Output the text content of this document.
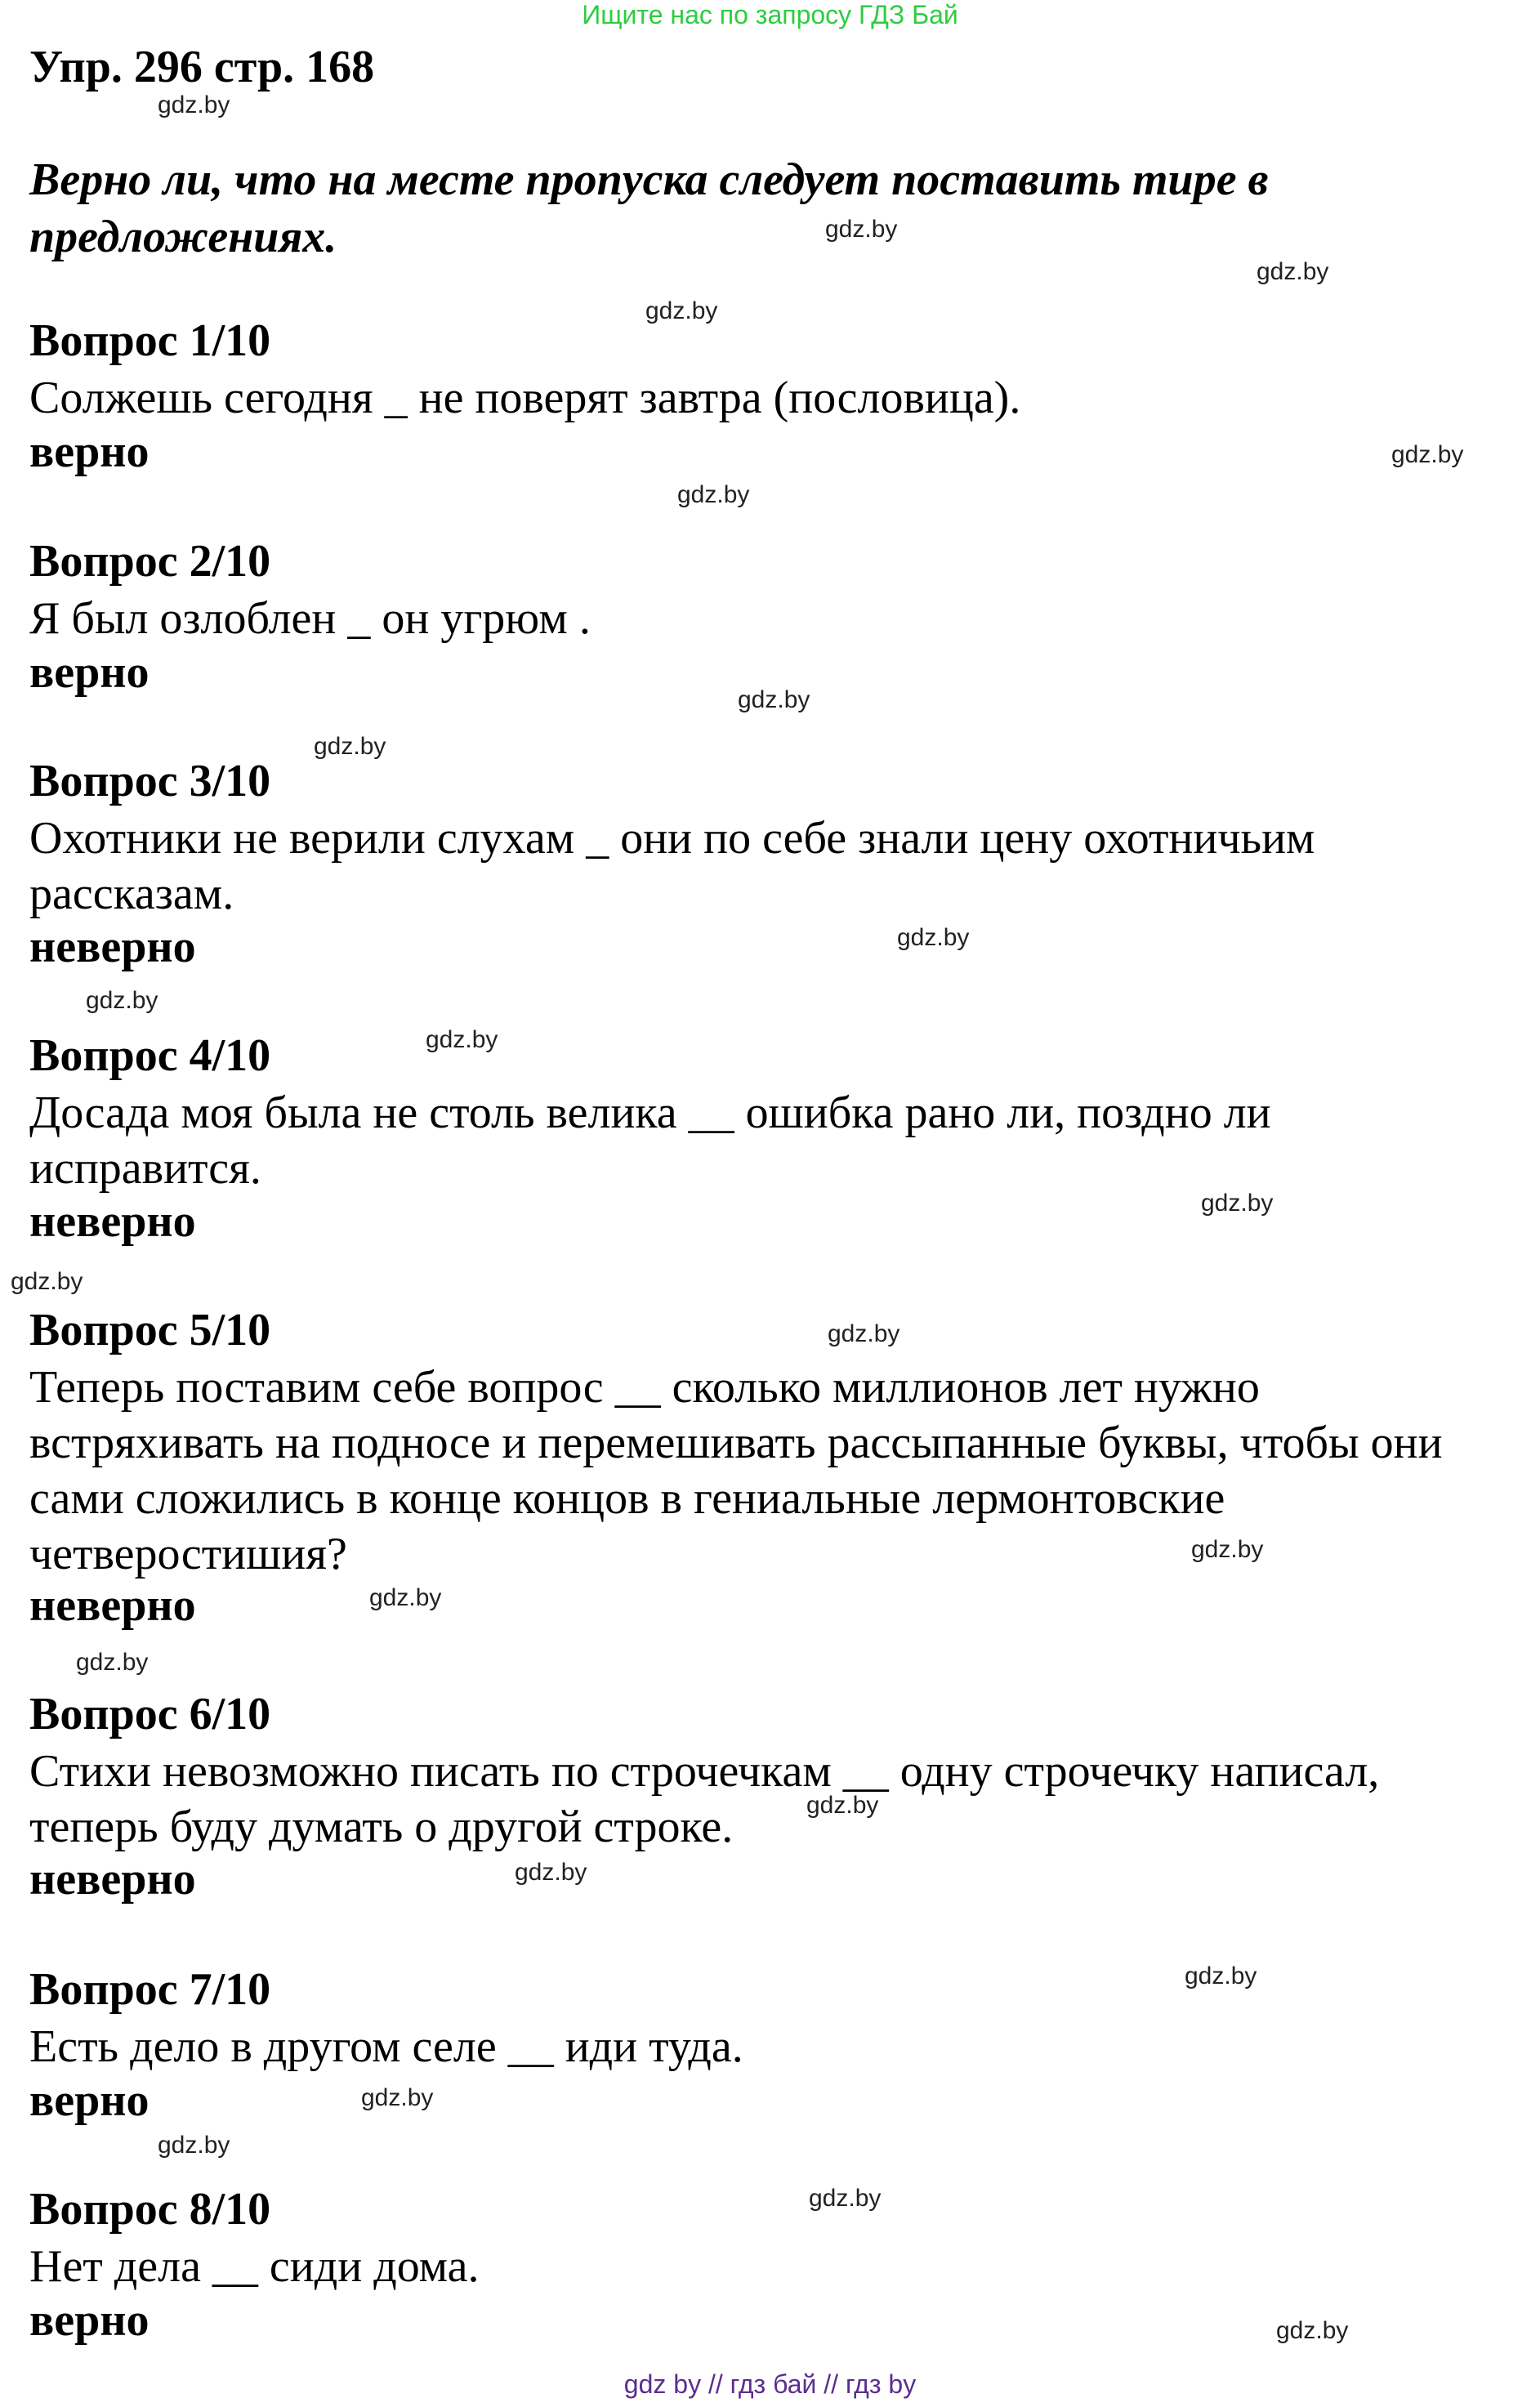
Ищите нас по запросу ГДЗ Бай
Упр. 296 стр. 168
Верно ли, что на месте пропуска следует поставить тире в предложениях.
Вопрос 1/10
Солжешь сегодня _ не поверят завтра (пословица).
верно
Вопрос 2/10
Я был озлоблен _ он угрюм .
верно
Вопрос 3/10
Охотники не верили слухам _ они по себе знали цену охотничьим рассказам.
неверно
Вопрос 4/10
Досада моя была не столь велика __ ошибка рано ли, поздно ли исправится.
неверно
Вопрос 5/10
Теперь поставим себе вопрос __ сколько миллионов лет нужно встряхивать на подносе и перемешивать рассыпанные буквы, чтобы они сами сложились в конце концов в гениальные лермонтовские четверостишия?
неверно
Вопрос 6/10
Стихи невозможно писать по строчечкам __ одну строчечку написал, теперь буду думать о другой строке.
неверно
Вопрос 7/10
Есть дело в другом селе __ иди туда.
верно
Вопрос 8/10
Нет дела __ сиди дома.
верно
gdz.by
gdz.by
gdz.by
gdz.by
gdz.by
gdz.by
gdz.by
gdz.by
gdz.by
gdz.by
gdz.by
gdz.by
gdz.by
gdz.by
gdz.by
gdz.by
gdz.by
gdz.by
gdz.by
gdz.by
gdz.by
gdz.by
gdz.by
gdz.by
gdz by // гдз бай // гдз by
